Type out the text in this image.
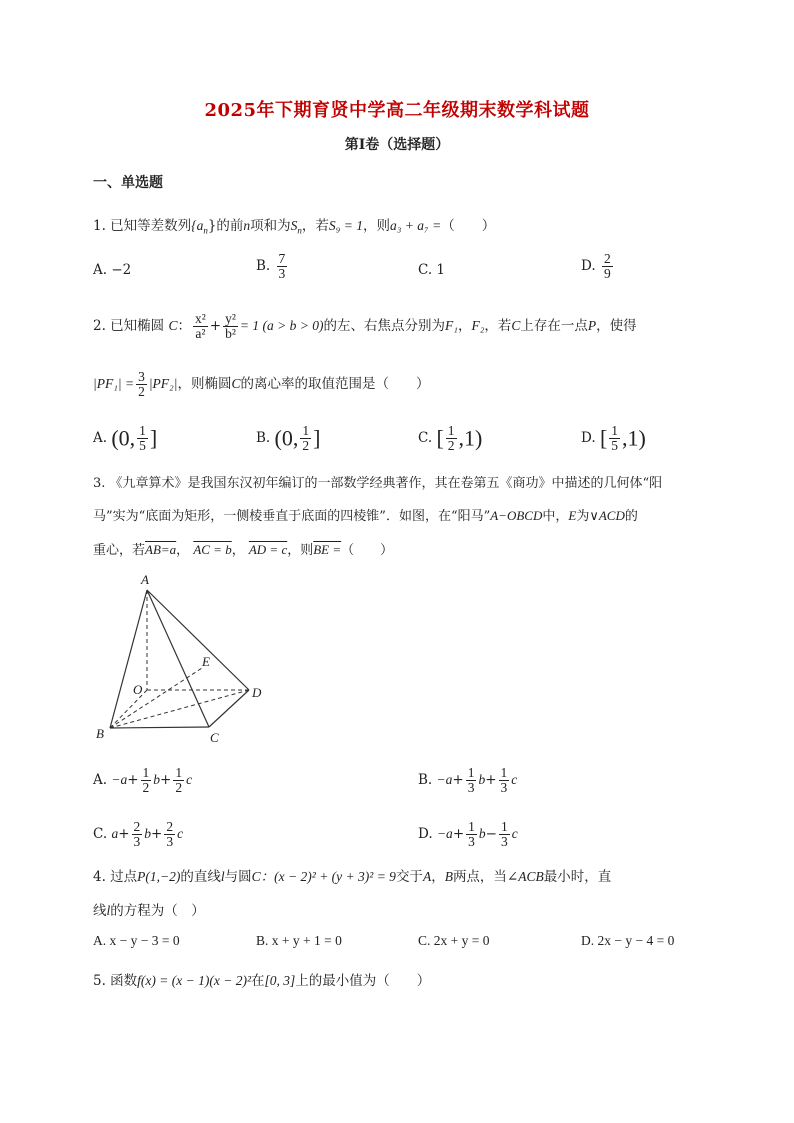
2025年下期育贤中学高二年级期末数学科试题
第Ⅰ卷（选择题）
一、单选题
1. 已知等差数列$\{a_n\}$的前n项和为$S_n$，若S₉ = 1，则a₃ + a₇ =（　　）
A. −2	B. $\frac{7}{3}$	C. 1	D. $\frac{2}{9}$
2. 已知椭圆 C： $\frac{\text{x²}}{\text{a²}} + \frac{\text{y²}}{\text{b²}} = 1$ (a > b > 0)的左、右焦点分别为F₁，F₂，若C上存在一点P，使得
$|PF_1| = \frac{3}{2} |PF_2|$，则椭圆C的离心率的取值范围是（　　）
A. (0, $\frac{1}{5}$ ]	B. (0, $\frac{1}{2}$ ]	C. [ $\frac{1}{2} ,1$)	D. [ $\frac{1}{5} ,1$)
3. 《九章算术》是我国东汉初年编订的一部数学经典著作，其在卷第五《商功》中描述的几何体“阳
马”实为“底面为矩形，一侧棱垂直于底面的四棱锥”．如图，在“阳马”A−OBCD中，E为∨ACD的
重心，若AB=a， AC = b， AD = c，则BE =（　　）
A
B	C
D
O
E
A. $-a+ \frac{1}{2} b+ \frac{1}{2}$ c	B. $-a+ \frac{1}{3} b+ \frac{1}{3}$ c
C. $a+ \frac{2}{3} b+ \frac{2}{3}$ c	D. $-a+ \frac{1}{3} b- \frac{1}{3}$ c
4. 过点P(1,−2)的直线l与圆C：(x − 2)² + (y + 3)² = 9交于A，B两点，当∠ACB最小时，直
线l的方程为（　）
A. x − y − 3 = 0	B. x + y + 1 = 0	C. 2x + y = 0	D. 2x − y − 4 = 0
5. 函数f(x) = (x − 1)(x − 2)²在[0, 3]上的最小值为（　　）
